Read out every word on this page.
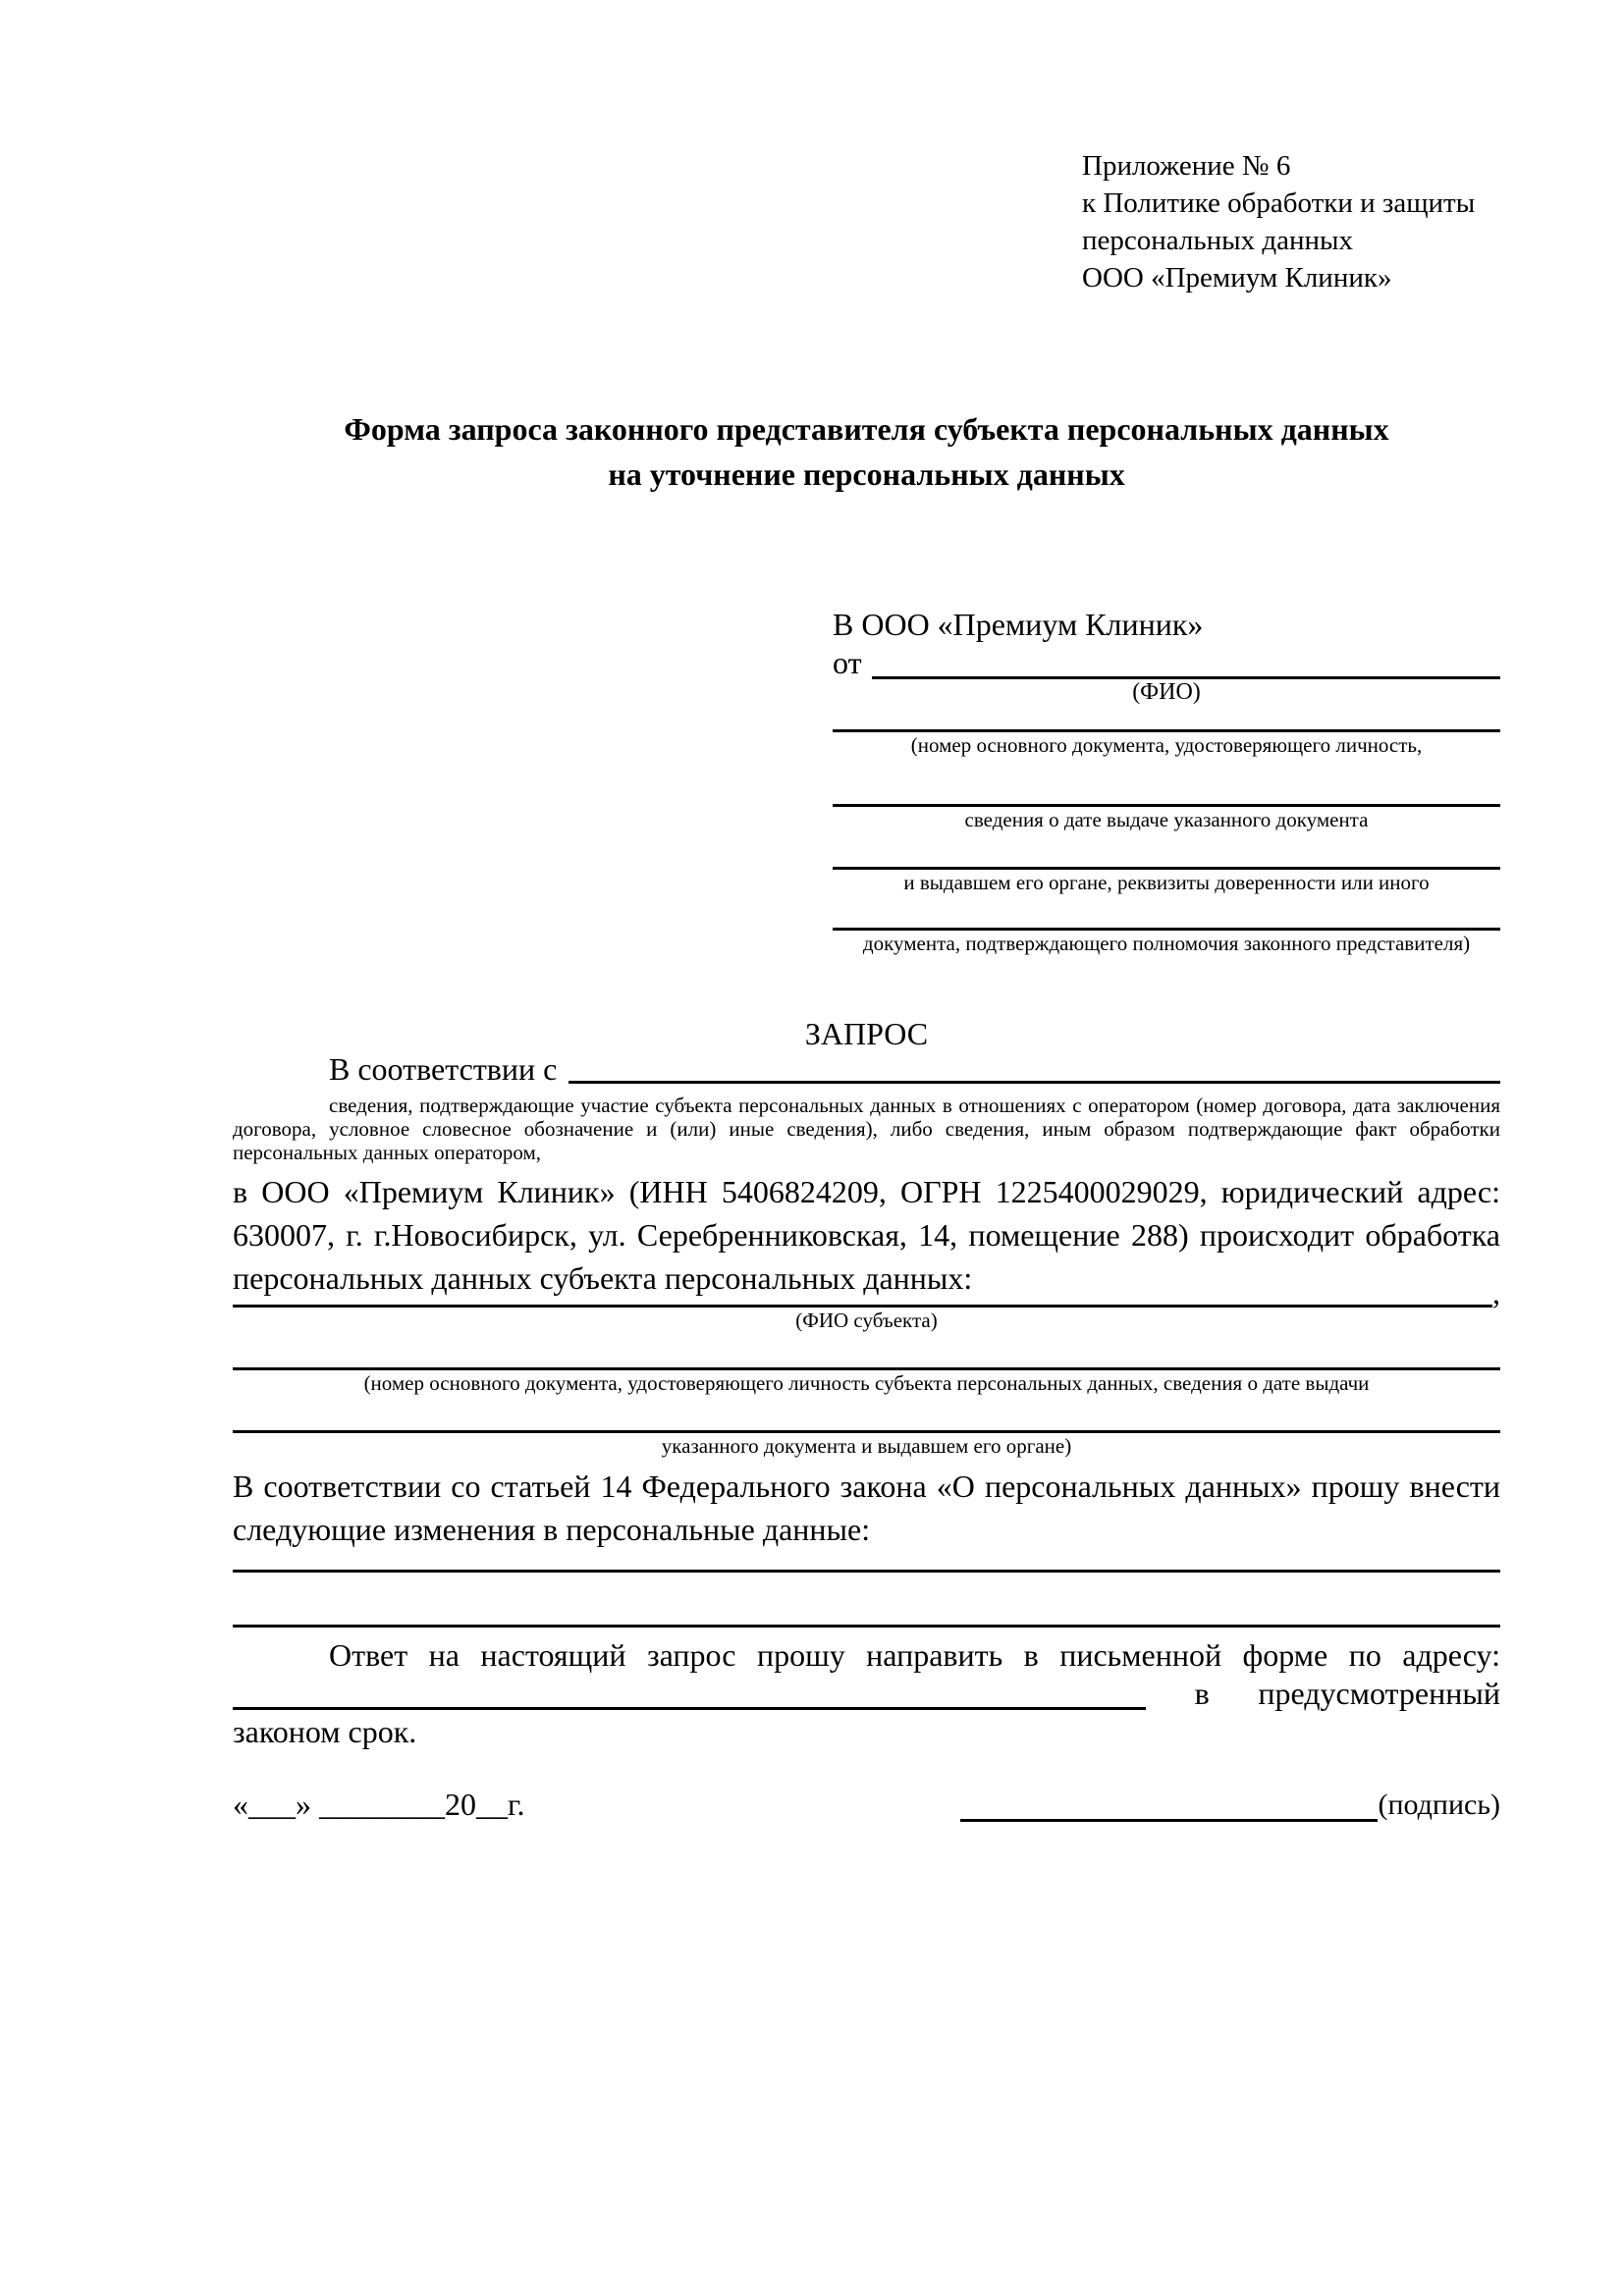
Приложение № 6
к Политике обработки и защиты
персональных данных
ООО «Премиум Клиник»
Форма запроса законного представителя субъекта персональных данных
на уточнение персональных данных
В ООО «Премиум Клиник»
от
(ФИО)
(номер основного документа, удостоверяющего личность,
сведения о дате выдаче указанного документа
и выдавшем его органе, реквизиты доверенности или иного
документа, подтверждающего полномочия законного представителя)
ЗАПРОС
В соответствии с
сведения, подтверждающие участие субъекта персональных данных в отношениях с оператором (номер договора, дата заключения договора, условное словесное обозначение и (или) иные сведения), либо сведения, иным образом подтверждающие факт обработки персональных данных оператором,
в ООО «Премиум Клиник» (ИНН 5406824209, ОГРН 1225400029029, юридический адрес: 630007, г. г.Новосибирск, ул. Серебренниковская, 14, помещение 288) происходит обработка персональных данных субъекта персональных данных:	,
(ФИО субъекта)
(номер основного документа, удостоверяющего личность субъекта персональных данных, сведения о дате выдачи
указанного документа и выдавшем его органе)
В соответствии со статьей 14 Федерального закона «О персональных данных» прошу внести следующие изменения в персональные данные:
Ответ на настоящий запрос прошу направить в письменной форме по адресу:
в предусмотренный
законом срок.
«___» ________20__г.	(подпись)
